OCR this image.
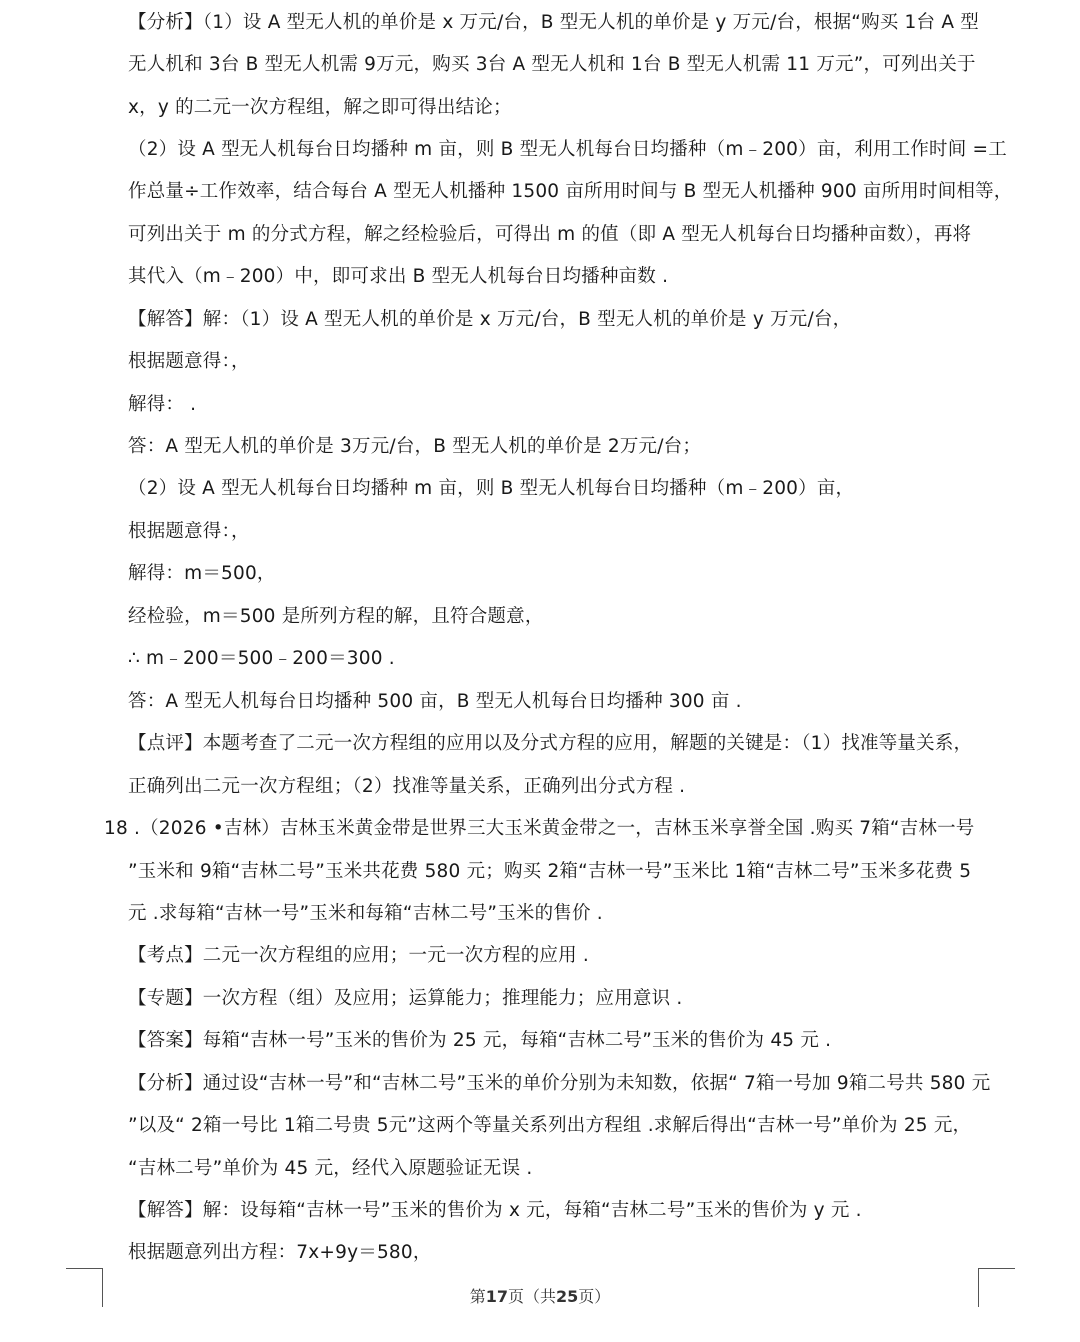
【分析】（1）设 A 型无人机的单价是 x 万元/台，B 型无人机的单价是 y 万元/台，根据“购买 1台 A 型
无人机和 3台 B 型无人机需 9万元，购买 3台 A 型无人机和 1台 B 型无人机需 11 万元”，可列出关于
x，y 的二元一次方程组，解之即可得出结论；
（2）设 A 型无人机每台日均播种 m 亩，则 B 型无人机每台日均播种（m﹣200）亩，利用工作时间 =工
作总量÷工作效率，结合每台 A 型无人机播种 1500 亩所用时间与 B 型无人机播种 900 亩所用时间相等，
可列出关于 m 的分式方程，解之经检验后，可得出 m 的值（即 A 型无人机每台日均播种亩数），再将
其代入（m﹣200）中，即可求出 B 型无人机每台日均播种亩数 .
【解答】解：（1）设 A 型无人机的单价是 x 万元/台，B 型无人机的单价是 y 万元/台，
根据题意得：，
解得： .
答：A 型无人机的单价是 3万元/台，B 型无人机的单价是 2万元/台；
（2）设 A 型无人机每台日均播种 m 亩，则 B 型无人机每台日均播种（m﹣200）亩，
根据题意得：，
解得：m＝500，
经检验，m＝500 是所列方程的解，且符合题意，
∴ m﹣200＝500﹣200＝300 .
答：A 型无人机每台日均播种 500 亩，B 型无人机每台日均播种 300 亩 .
【点评】本题考查了二元一次方程组的应用以及分式方程的应用，解题的关键是：（1）找准等量关系，
正确列出二元一次方程组；（2）找准等量关系，正确列出分式方程 .
18 .（2026 •吉林）吉林玉米黄金带是世界三大玉米黄金带之一，吉林玉米享誉全国 .购买 7箱“吉林一号
”玉米和 9箱“吉林二号”玉米共花费 580 元；购买 2箱“吉林一号”玉米比 1箱“吉林二号”玉米多花费 5
元 .求每箱“吉林一号”玉米和每箱“吉林二号”玉米的售价 .
【考点】二元一次方程组的应用；一元一次方程的应用 .
【专题】一次方程（组）及应用；运算能力；推理能力；应用意识 .
【答案】每箱“吉林一号”玉米的售价为 25 元，每箱“吉林二号”玉米的售价为 45 元 .
【分析】通过设“吉林一号”和“吉林二号”玉米的单价分别为未知数，依据“ 7箱一号加 9箱二号共 580 元
”以及“ 2箱一号比 1箱二号贵 5元”这两个等量关系列出方程组 .求解后得出“吉林一号”单价为 25 元，
“吉林二号”单价为 45 元，经代入原题验证无误 .
【解答】解：设每箱“吉林一号”玉米的售价为 x 元，每箱“吉林二号”玉米的售价为 y 元 .
根据题意列出方程：7x+9y＝580，
第17页（共25页）
